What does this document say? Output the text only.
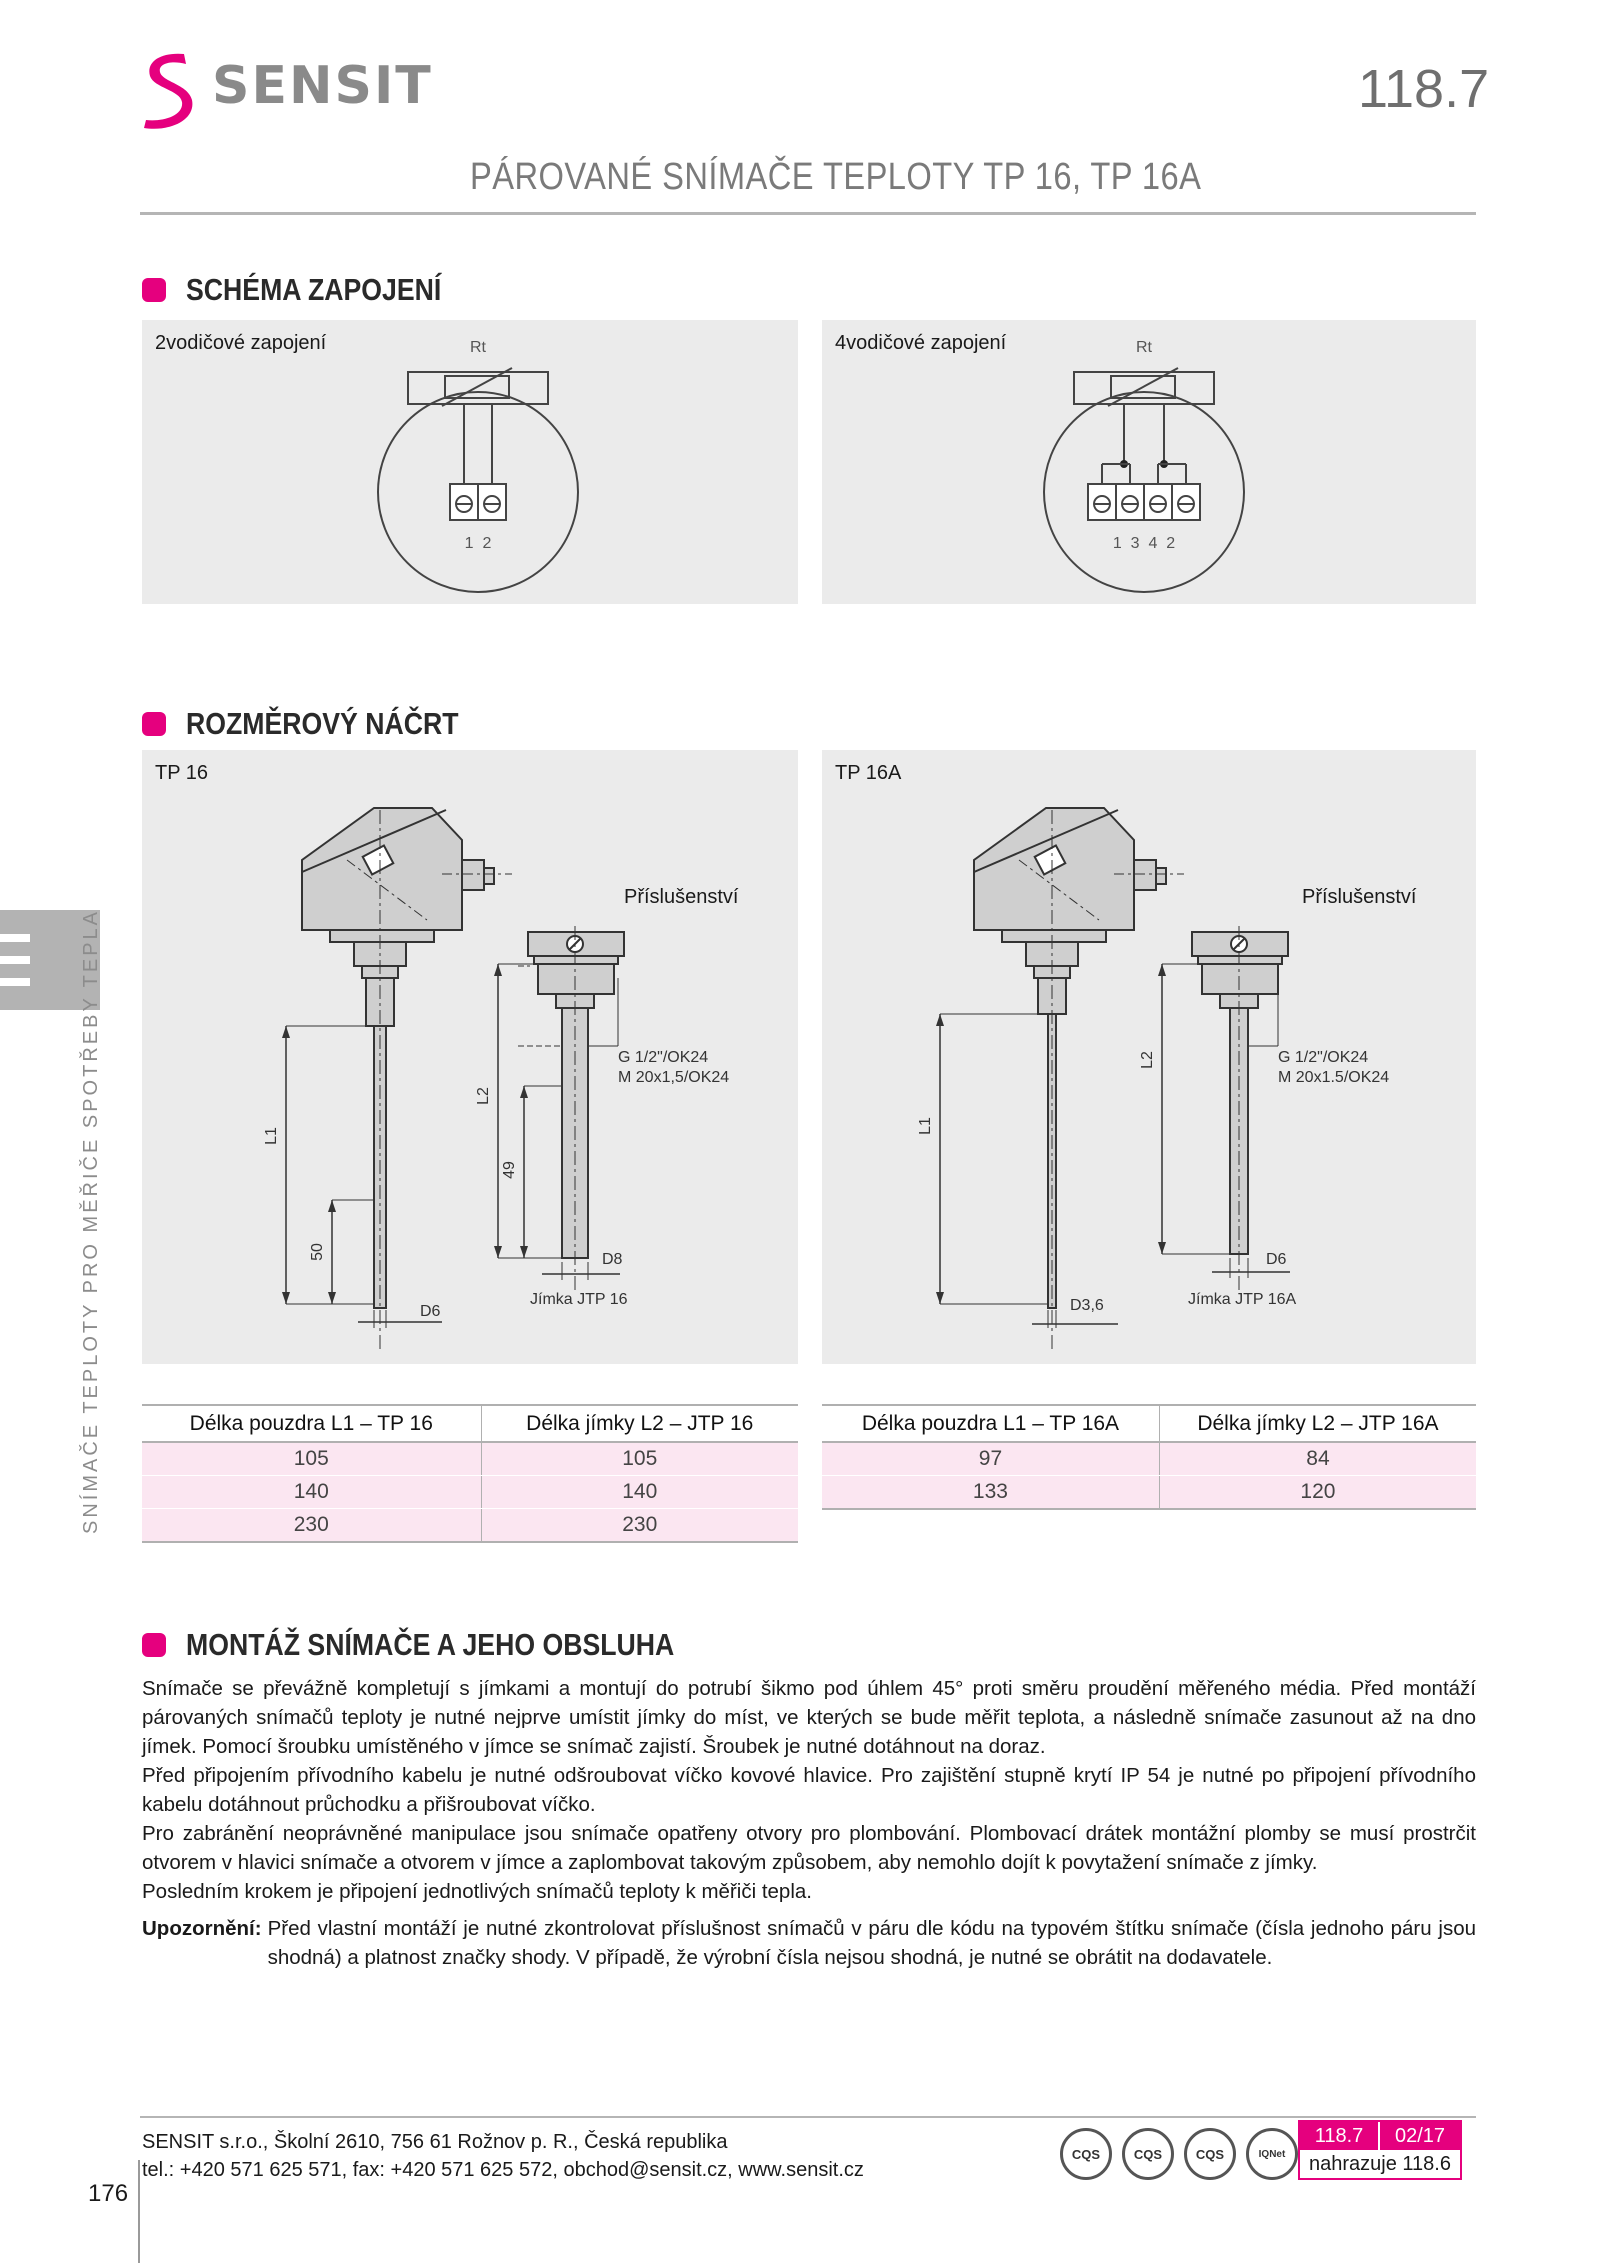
SENSIT	118.7
PÁROVANÉ SNÍMAČE TEPLOTY TP 16, TP 16A
SCHÉMA ZAPOJENÍ
2vodičové zapojení	Rt
1  2
4vodičové zapojení	Rt
1  3  4  2
ROZMĚROVÝ NÁČRT
TP 16
Příslušenství
L1
50
D6
G 1/2"/OK24
M 20x1,5/OK24
L2
49
D8
Jímka JTP 16
TP 16A
Příslušenství
L1
D3,6
G 1/2"/OK24
M 20x1.5/OK24
L2
D6
Jímka JTP 16A
Délka pouzdra L1 – TP 16	Délka jímky L2 – JTP 16
105	105
140	140
230	230
Délka pouzdra L1 – TP 16A	Délka jímky L2 – JTP 16A
97	84
133	120
MONTÁŽ SNÍMAČE A JEHO OBSLUHA

Snímače se převážně kompletují s jímkami a montují do potrubí šikmo pod úhlem 45° proti směru proudění měřeného média. Před montáží párovaných snímačů teploty je nutné nejprve umístit jímky do míst, ve kterých se bude měřit teplota, a následně snímače zasunout až na dno jímek. Pomocí šroubku umístěného v jímce se snímač zajistí. Šroubek je nutné dotáhnout na doraz.

Před připojením přívodního kabelu je nutné odšroubovat víčko kovové hlavice. Pro zajištění stupně krytí IP 54 je nutné po připojení přívodního kabelu dotáhnout průchodku a přišroubovat víčko.

Pro zabránění neoprávněné manipulace jsou snímače opatřeny otvory pro plombování. Plombovací drátek montážní plomby se musí prostrčit otvorem v hlavici snímače a otvorem v jímce a zaplombovat takovým způsobem, aby nemohlo dojít k povytažení snímače z jímky.

Posledním krokem je připojení jednotlivých snímačů teploty k měřiči tepla.

Upozornění: Před vlastní montáží je nutné zkontrolovat příslušnost snímačů v páru dle kódu na typovém štítku snímače (čísla jednoho páru jsou shodná) a platnost značky shody. V případě, že výrobní čísla nejsou shodná, je nutné se obrátit na dodavatele.
SNÍMAČE TEPLOTY PRO MĚŘIČE SPOTŘEBY TEPLA
SENSIT s.r.o., Školní 2610, 756 61 Rožnov p. R., Česká republika
tel.: +420 571 625 571, fax: +420 571 625 572, obchod@sensit.cz, www.sensit.cz
CQS	CQS	CQS	IQNet
118.7	02/17
nahrazuje 118.6
176
